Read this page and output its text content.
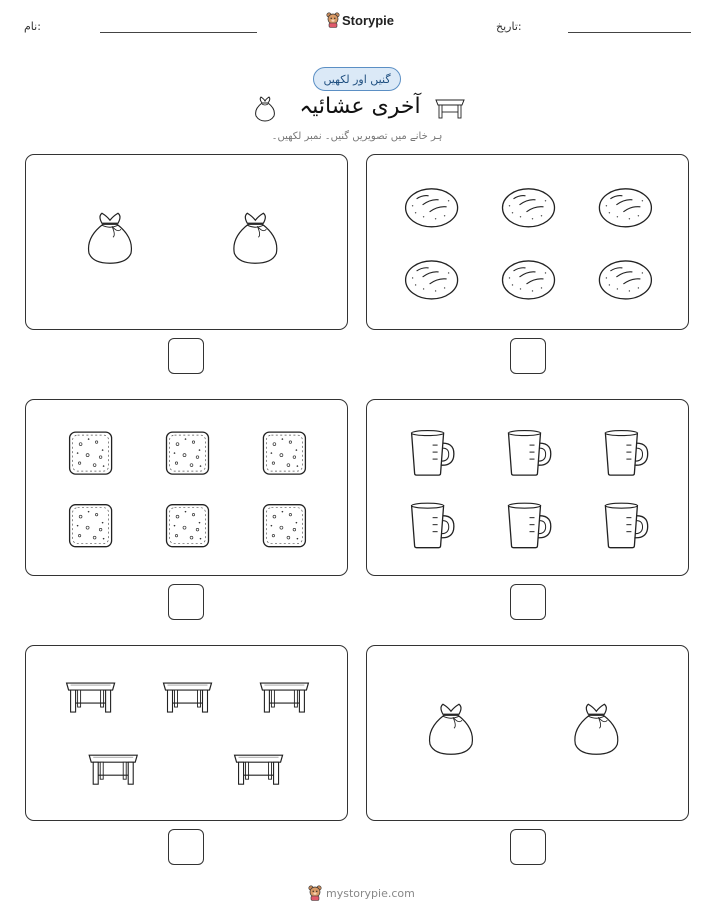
نام:	Storypie	تاریخ:
گنیں اور لکھیں
آخری عشائیہ
ہر خانے میں تصویریں گنیں۔ نمبر لکھیں۔
mystorypie.com
